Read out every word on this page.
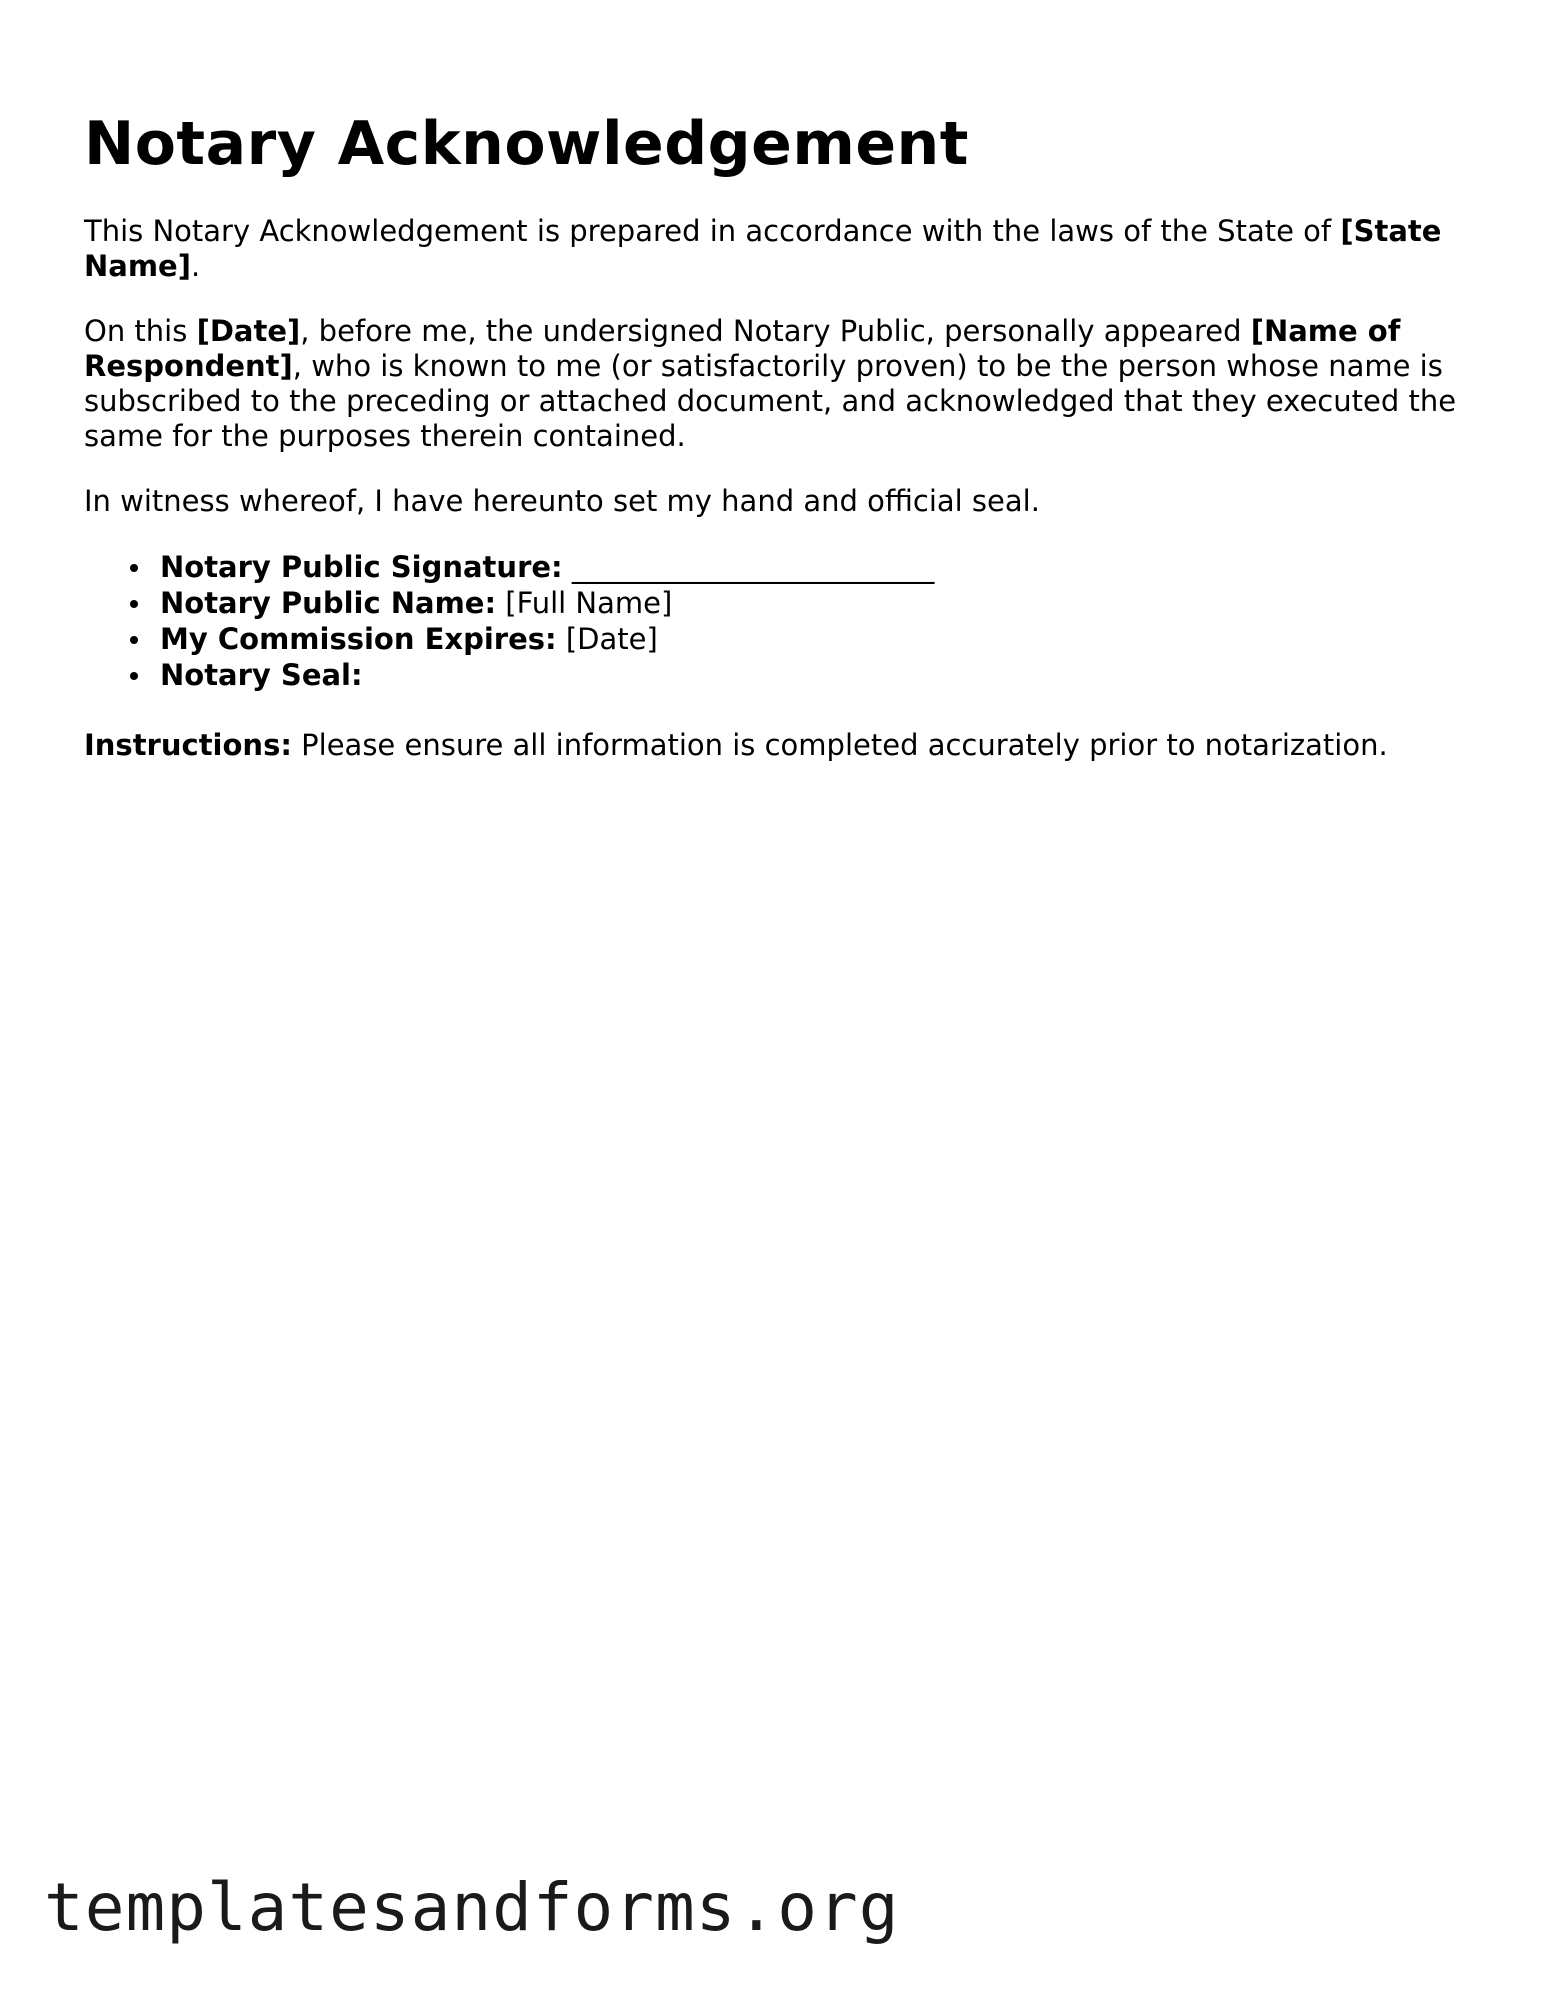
Notary Acknowledgement

This Notary Acknowledgement is prepared in accordance with the laws of the State of [State Name].

On this [Date], before me, the undersigned Notary Public, personally appeared [Name of Respondent], who is known to me (or satisfactorily proven) to be the person whose name is subscribed to the preceding or attached document, and acknowledged that they executed the same for the purposes therein contained.

In witness whereof, I have hereunto set my hand and official seal.

Notary Public Signature: _________________________
Notary Public Name: [Full Name]
My Commission Expires: [Date]
Notary Seal:

Instructions: Please ensure all information is completed accurately prior to notarization.

templatesandforms.org
